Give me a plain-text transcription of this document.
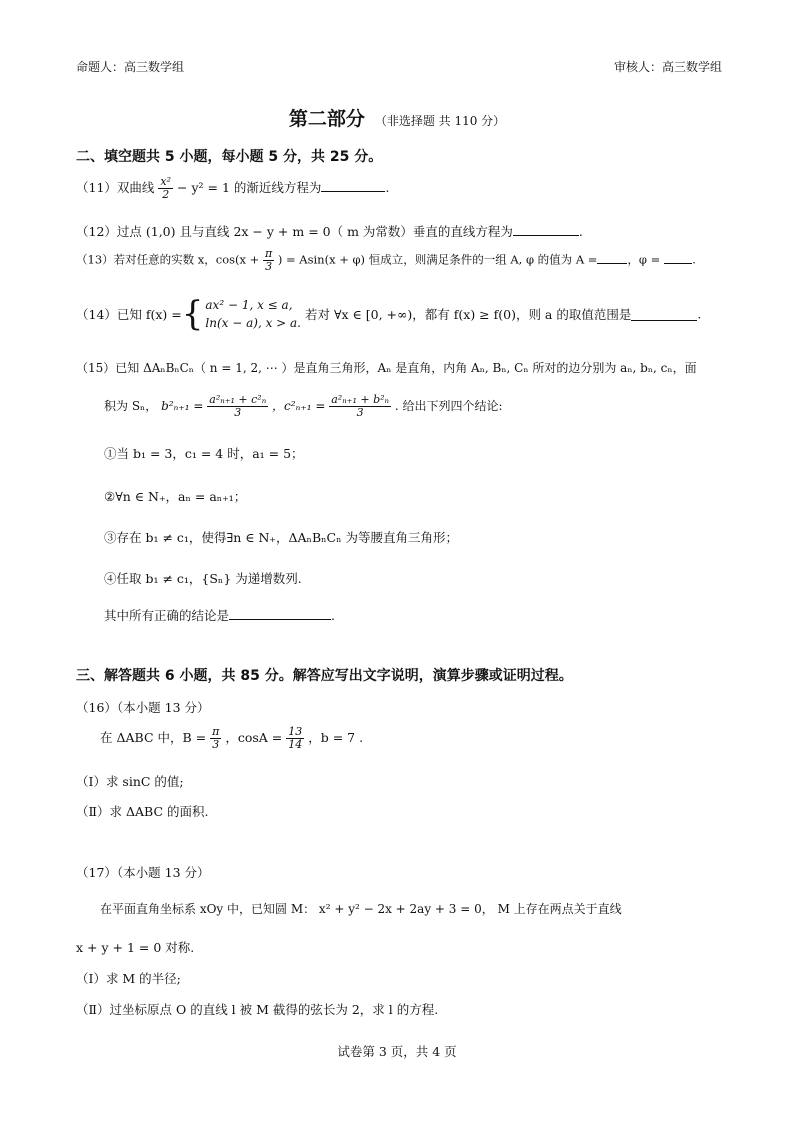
命题人：高三数学组	审核人：高三数学组
第二部分 （非选择题 共 110 分）
二、填空题共 5 小题，每小题 5 分，共 25 分。
（11）双曲线 $\frac{\text{x²}}{2} - y^2 = 1$ 的渐近线方程为	.
（12）过点 (1,0) 且与直线 2x − y + m = 0（ m 为常数）垂直的直线方程为	.
（13）若对任意的实数 x，$\cos(x + \frac{\pi}{3}$ ) = Asin(x + φ) 恒成立，则满足条件的一组 A, φ 的值为 A =	，φ =	.
（14）已知 f(x) ={ ax² − 1, x ≤ a,
ln(x − a), x > a.
若对 ∀x ∈ [0, +∞)，都有 f(x) ≥ f(0)，则 a 的取值范围是	.
（15）已知 ΔAₙBₙCₙ（ n = 1, 2, ⋯ ）是直角三角形，Aₙ 是直角，内角 Aₙ, Bₙ, Cₙ 所对的边分别为 aₙ, bₙ, cₙ，面
积为 Sₙ， $b^2_{n+1} = \frac{\text{a²ₙ₊₁ + c²ₙ}}{3}$ ，$c^2_{n+1} = \frac{\text{a²ₙ₊₁ + b²ₙ}}{3}$ . 给出下列四个结论:
①当 b₁ = 3，c₁ = 4 时，a₁ = 5；
②∀n ∈ N₊，aₙ = aₙ₊₁；
③存在 b₁ ≠ c₁，使得∃n ∈ N₊，ΔAₙBₙCₙ 为等腰直角三角形；
④任取 b₁ ≠ c₁，{Sₙ} 为递增数列.
其中所有正确的结论是	.
三、解答题共 6 小题，共 85 分。解答应写出文字说明，演算步骤或证明过程。
（16）（本小题 13 分）
在 ΔABC 中，$B = \frac{\pi}{3}$ ，$\cos A = \frac{13}{14}$ ，b = 7 .
（Ⅰ）求 sinC 的值;
（Ⅱ）求 ΔABC 的面积.
（17）（本小题 13 分）
在平面直角坐标系 xOy 中，已知圆 M： x² + y² − 2x + 2ay + 3 = 0， M 上存在两点关于直线
x + y + 1 = 0 对称.
（Ⅰ）求 M 的半径;
（Ⅱ）过坐标原点 O 的直线 l 被 M 截得的弦长为 2，求 l 的方程.
试卷第 3 页，共 4 页
